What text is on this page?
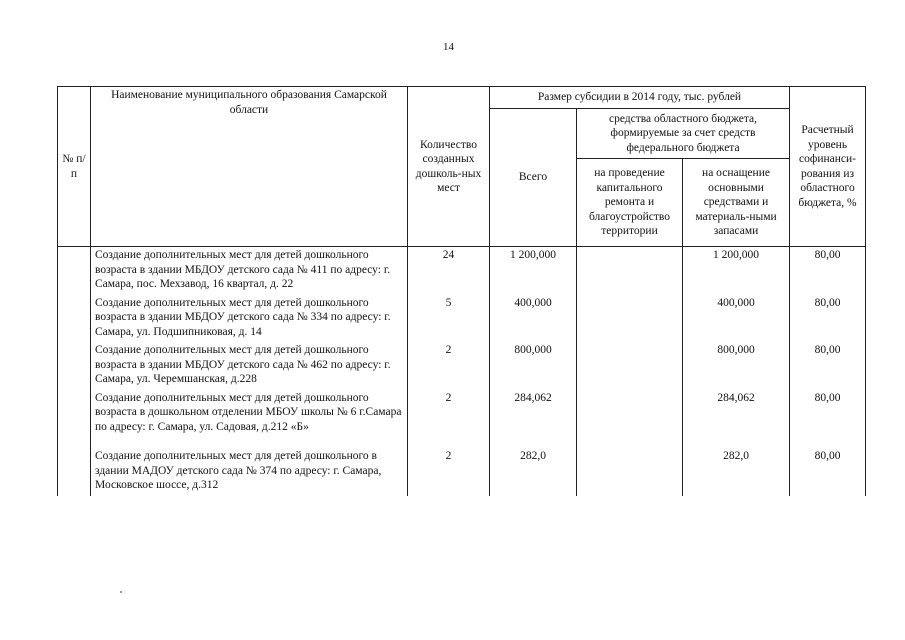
14
№ п/п	Наименование муниципального образования Самарской области	Количество созданных дошколь-ных мест	Размер субсидии в 2014 году, тыс. рублей			Расчетный уровень софинанси-рования из областного бюджета, %
			Всего	средства областного бюджета, формируемые за счет средств федерального бюджета		
				на проведение капитального ремонта и благоустройство территории	на оснащение основными средствами и материаль-ными запасами	
	Создание дополнительных мест для детей дошкольного возраста в здании МБДОУ детского сада № 411 по адресу: г. Самара, пос. Мехзавод, 16 квартал, д. 22	24	1 200,000		1 200,000	80,00
	Создание дополнительных мест для детей дошкольного возраста в здании МБДОУ детского сада № 334 по адресу: г. Самара, ул. Подшипниковая, д. 14	5	400,000		400,000	80,00
	Создание дополнительных мест для детей дошкольного возраста в здании МБДОУ детского сада № 462 по адресу: г. Самара, ул. Черемшанская, д.228	2	800,000		800,000	80,00
	Создание дополнительных мест для детей дошкольного возраста в дошкольном отделении МБОУ школы № 6 г.Самара по адресу: г. Самара, ул. Садовая, д.212 «Б»	2	284,062		284,062	80,00
	Создание дополнительных мест для детей дошкольного в здании МАДОУ детского сада № 374 по адресу: г. Самара, Московское шоссе, д.312	2	282,0		282,0	80,00
